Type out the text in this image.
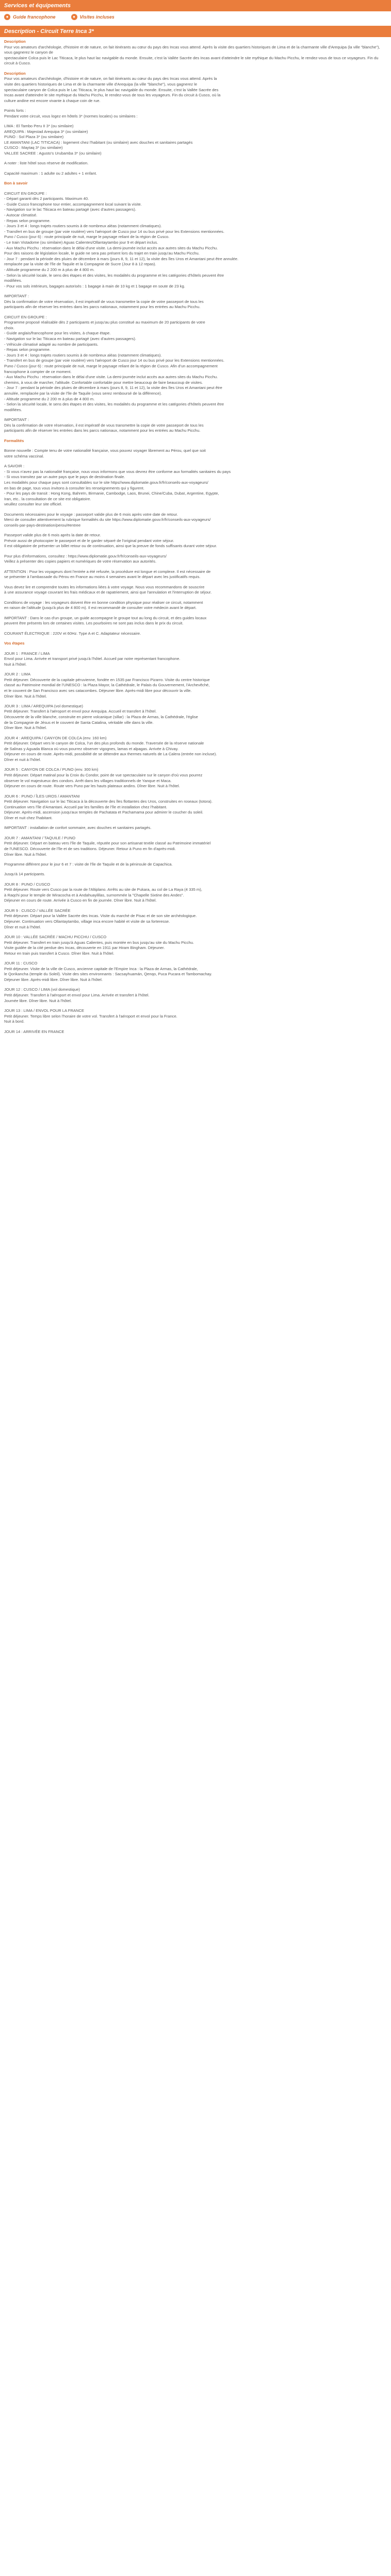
Services et équipements
● Guide francophone	● Visites incluses
Description - Circuit Terre Inca 3*

Description

Pour vos amateurs d'archéologie, d'histoire et de nature, on fait itinérants au cœur du pays des Incas vous attend. Après la visite des quartiers historiques de Lima et de la charmante ville d'Arequipa (la ville "blanche"), vous gagnerez le canyon de

spectaculaire Colca puis le Lac Titicaca, le plus haut lac navigable du monde. Ensuite, c'est la Vallée Sacrée des Incas avant d'atteindre le site mythique du Machu Picchu, le rendez-vous de tous ce voyageurs. Fin du circuit à Cusco.

Description

Pour vos amateurs d'archéologie, d'histoire et de nature, on fait itinérants au cœur du pays des Incas vous attend. Après la

visite des quartiers historiques de Lima et de la charmante ville d'Arequipa (la ville "blanche"), vous gagnerez le

spectaculaire canyon de Colca puis le Lac Titicaca, le plus haut lac navigable du monde. Ensuite, c'est la Vallée Sacrée des

Incas avant d'atteindre le site mythique du Machu Picchu, le rendez-vous de tous les voyageurs. Fin du circuit à Cusco, où la

culture andine est encore vivante à chaque coin de rue.

Points forts :

Pendant votre circuit, vous logez en hôtels 3* (normes locales) ou similaires :

LIMA : El Tambo Peru II 3* (ou similaire)

AREQUIPA : Majestad Arequipa 3* (ou similaire)

PUNO : Sol Plaza 3* (ou similaire)

LE AMANTANI (LAC TITICACA) : logement chez l'habitant (ou similaire) avec douches et sanitaires partagés

CUSCO : Maytaq 3* (ou similaire)

VALLEE SACREE : Agusto's Urubamba 3* (ou similaire)

A noter : liste hôtel sous réserve de modification.

Capacité maximum : 1 adulte ou 2 adultes + 1 enfant.

Bon à savoir

CIRCUIT EN GROUPE :

- Départ garanti dès 2 participants. Maximum 40.

- Guide Cusco francophone tour entier, accompagnement local suivant la visite.

- Navigation sur le lac Titicaca en bateau partagé (avec d'autres passagers).

- Autocar climatisé.

- Repas selon programme.

- Jours 3 et 4 : longs trajets routiers soumis à de nombreux aléas (notamment climatiques).

- Transfert en bus de groupe (par voie routière) vers l'aéroport de Cusco jour 14 ou bus privé pour les Extensions mentionnées.

Puno / Cusco (jour 6) : route principale de nuit, marge le paysage reliant de la région de Cusco.

- Le train Vistadome (ou similaire) Aguas Calientes/Ollantaytambo jour 9 et départ inclus.

- Aux Machu Picchu : réservation dans le délai d'une visite. La demi-journée inclut accès aux autres sites du Machu Picchu.

Pour des raisons de législation locale, le guide ne sera pas présent lors du trajet en train jusqu'au Machu Picchu.

- Jour 7 : pendant la période des pluies de décembre à mars (jours 8, 9, 11 et 12), la visite des îles Uros et Amantani peut être annulée.

remplacée par la visite de l'île de Taquile et la Compagnie de Sucre (Jour 8 à 12 repas).

- Altitude programme du 2 200 m à plus de 4 800 m.

- Selon la sécurité locale, le sens des étapes et des visites, les modalités du programme et les catégories d'hôtels peuvent être

modifiées.

- Pour vos sols intérieurs, bagages autorisés : 1 bagage à main de 10 kg et 1 bagage en soute de 23 kg.

IMPORTANT :

Dès la confirmation de votre réservation, il est impératif de vous transmettre la copie de votre passeport de tous les

participants afin de réserver les entrées dans les parcs nationaux, notamment pour les entrées au Machu Picchu.

CIRCUIT EN GROUPE :

Programme proposé réalisable dès 2 participants et jusqu'au plus constitué au maximum de 20 participants de votre

choix.

- Guide anglais/francophone pour les visites, à chaque étape.

- Navigation sur le lac Titicaca en bateau partagé (avec d'autres passagers).

- Véhicule climatisé adapté au nombre de participants.

- Repas selon programme.

- Jours 3 et 4 : longs trajets routiers soumis à de nombreux aléas (notamment climatiques).

- Transfert en bus de groupe (par voie routière) vers l'aéroport de Cusco jour 14 ou bus privé pour les Extensions mentionnées.

Puno / Cusco (jour 6) : route principale de nuit, marge le paysage reliant de la région de Cusco. Afin d'un accompagnement

francophone à compter de ce moment.

- Aux Machu Picchu : réservation dans le délai d'une visite. La demi-journée inclut accès aux autres sites du Machu Picchu.

chemins, à vous de marcher, l'altitude. Confortable confortable pour mettre beaucoup de faire beaucoup de visites.

- Jour 7 : pendant la période des pluies de décembre à mars (jours 8, 9, 11 et 12), la visite des îles Uros et Amantani peut être

annulée, remplacée par la visite de l'île de Taquile (vous serez remboursé de la différence).

- Altitude programme du 2 200 m à plus de 4 800 m.

- Selon la sécurité locale, le sens des étapes et des visites, les modalités du programme et les catégories d'hôtels peuvent être

modifiées.

IMPORTANT :

Dès la confirmation de votre réservation, il est impératif de vous transmettre la copie de votre passeport de tous les

participants afin de réserver les entrées dans les parcs nationaux, notamment pour les entrées au Machu Picchu.

Formalités

Bonne nouvelle : Compte tenu de votre nationalité française, vous pouvez voyager librement au Pérou, quel que soit

votre schéma vaccinal.

A SAVOIR :

- Si vous n'avez pas la nationalité française, nous vous informons que vous devrez être conforme aux formalités sanitaires du pays

- Si vous transitez par un autre pays que le pays de destination finale.

Les modalités pour chaque pays sont consultables sur le site https//www.diplomatie.gouv.fr/fr/conseils-aux-voyageurs/

en bas de page, tous vous invitons à consulter les renseignements qui y figurent.

- Pour les pays de transit : Hong Kong, Bahreïn, Birmanie, Cambodge, Laos, Brunei, Chine/Cuba, Dubaï, Argentine, Egypte,

Iran, etc.. la consultation de ce site est obligatoire.

veuillez consulter leur site officiel.

Documents nécessaires pour le voyage : passeport valide plus de 6 mois après votre date de retour.

Merci de consulter attentivement la rubrique formalités du site https://www.diplomatie.gouv.fr/fr/conseils-aux-voyageurs/

conseils-par-pays-destination/perou/#entree

Passeport valide plus de 6 mois après la date de retour.

Prévoir aussi de photocopier le passeport et de le garder séparé de l'original pendant votre séjour.

Il est obligatoire de présenter un billet retour ou de continuation, ainsi que la preuve de fonds suffisants durant votre séjour.

Pour plus d'informations, consultez : https://www.diplomatie.gouv.fr/fr/conseils-aux-voyageurs/

Veillez à présenter des copies papiers et numériques de votre réservation aux autorités.

ATTENTION : Pour les voyageurs dont l'entrée a été refusée, la procédure est longue et complexe. Il est nécessaire de

se présenter à l'ambassade du Pérou en France au moins 4 semaines avant le départ avec les justificatifs requis.

Vous devez lire et comprendre toutes les informations liées à votre voyage. Nous vous recommandons de souscrire

à une assurance voyage couvrant les frais médicaux et de rapatriement, ainsi que l'annulation et l'interruption de séjour.

Conditions de voyage : les voyageurs doivent être en bonne condition physique pour réaliser ce circuit, notamment

en raison de l'altitude (jusqu'à plus de 4 800 m). Il est recommandé de consulter votre médecin avant le départ.

IMPORTANT : Dans le cas d'un groupe, un guide accompagne le groupe tout au long du circuit, et des guides locaux

peuvent être présents lors de certaines visites. Les pourboires ne sont pas inclus dans le prix du circuit.

COURANT ÉLECTRIQUE : 220V et 60Hz. Type A et C. Adaptateur nécessaire.

Vos étapes

JOUR 1 : FRANCE / LIMA

Envol pour Lima. Arrivée et transport privé jusqu'à l'hôtel. Accueil par notre représentant francophone.

Nuit à l'hôtel.

JOUR 2 : LIMA

Petit déjeuner. Découverte de la capitale péruvienne, fondée en 1535 par Francisco Pizarro. Visite du centre historique

classé au Patrimoine mondial de l'UNESCO : la Plaza Mayor, la Cathédrale, le Palais du Gouvernement, l'Archevêché,

et le couvent de San Francisco avec ses catacombes. Déjeuner libre. Après-midi libre pour découvrir la ville.

Dîner libre. Nuit à l'hôtel.

JOUR 3 : LIMA / AREQUIPA (vol domestique)

Petit déjeuner. Transfert à l'aéroport et envol pour Arequipa. Accueil et transfert à l'hôtel.

Découverte de la ville blanche, construite en pierre volcanique (sillar) : la Plaza de Armas, la Cathédrale, l'église

de la Compagnie de Jésus et le couvent de Santa Catalina, véritable ville dans la ville.

Dîner libre. Nuit à l'hôtel.

JOUR 4 : AREQUIPA / CANYON DE COLCA (env. 160 km)

Petit déjeuner. Départ vers le canyon de Colca, l'un des plus profonds du monde. Traversée de la réserve nationale

de Salinas y Aguada Blanca où vous pourrez observer vigognes, lamas et alpagas. Arrivée à Chivay.

Déjeuner en cours de route. Après-midi, possibilité de se détendre aux thermes naturels de La Calera (entrée non incluse).

Dîner et nuit à l'hôtel.

JOUR 5 : CANYON DE COLCA / PUNO (env. 300 km)

Petit déjeuner. Départ matinal pour la Croix du Condor, point de vue spectaculaire sur le canyon d'où vous pourrez

observer le vol majestueux des condors. Arrêt dans les villages traditionnels de Yanque et Maca.

Déjeuner en cours de route. Route vers Puno par les hauts plateaux andins. Dîner libre. Nuit à l'hôtel.

JOUR 6 : PUNO / ÎLES UROS / AMANTANI

Petit déjeuner. Navigation sur le lac Titicaca à la découverte des îles flottantes des Uros, construites en roseaux (totora).

Continuation vers l'île d'Amantani. Accueil par les familles de l'île et installation chez l'habitant.

Déjeuner. Après-midi, ascension jusqu'aux temples de Pachatata et Pachamama pour admirer le coucher du soleil.

Dîner et nuit chez l'habitant.

IMPORTANT : installation de confort sommaire, avec douches et sanitaires partagés.

JOUR 7 : AMANTANI / TAQUILE / PUNO

Petit déjeuner. Départ en bateau vers l'île de Taquile, réputée pour son artisanat textile classé au Patrimoine immatériel

de l'UNESCO. Découverte de l'île et de ses traditions. Déjeuner. Retour à Puno en fin d'après-midi.

Dîner libre. Nuit à l'hôtel.

Programme différent pour le jour 6 et 7 : visite de l'île de Taquile et de la péninsule de Capachica.

Jusqu'à 14 participants.

JOUR 8 : PUNO / CUSCO

Petit déjeuner. Route vers Cusco par la route de l'Altiplano. Arrêts au site de Pukara, au col de La Raya (4 335 m),

à Raqchi pour le temple de Wiracocha et à Andahuaylillas, surnommée la "Chapelle Sixtine des Andes".

Déjeuner en cours de route. Arrivée à Cusco en fin de journée. Dîner libre. Nuit à l'hôtel.

JOUR 9 : CUSCO / VALLÉE SACRÉE

Petit déjeuner. Départ pour la Vallée Sacrée des Incas. Visite du marché de Pisac et de son site archéologique.

Déjeuner. Continuation vers Ollantaytambo, village inca encore habité et visite de sa forteresse.

Dîner et nuit à l'hôtel.

JOUR 10 : VALLÉE SACRÉE / MACHU PICCHU / CUSCO

Petit déjeuner. Transfert en train jusqu'à Aguas Calientes, puis montée en bus jusqu'au site du Machu Picchu.

Visite guidée de la cité perdue des Incas, découverte en 1911 par Hiram Bingham. Déjeuner.

Retour en train puis transfert à Cusco. Dîner libre. Nuit à l'hôtel.

JOUR 11 : CUSCO

Petit déjeuner. Visite de la ville de Cusco, ancienne capitale de l'Empire Inca : la Plaza de Armas, la Cathédrale,

le Qorikancha (temple du Soleil). Visite des sites environnants : Sacsayhuamán, Qenqo, Puca Pucara et Tambomachay.

Déjeuner libre. Après-midi libre. Dîner libre. Nuit à l'hôtel.

JOUR 12 : CUSCO / LIMA (vol domestique)

Petit déjeuner. Transfert à l'aéroport et envol pour Lima. Arrivée et transfert à l'hôtel.

Journée libre. Dîner libre. Nuit à l'hôtel.

JOUR 13 : LIMA / ENVOL POUR LA FRANCE

Petit déjeuner. Temps libre selon l'horaire de votre vol. Transfert à l'aéroport et envol pour la France.

Nuit à bord.

JOUR 14 : ARRIVÉE EN FRANCE
